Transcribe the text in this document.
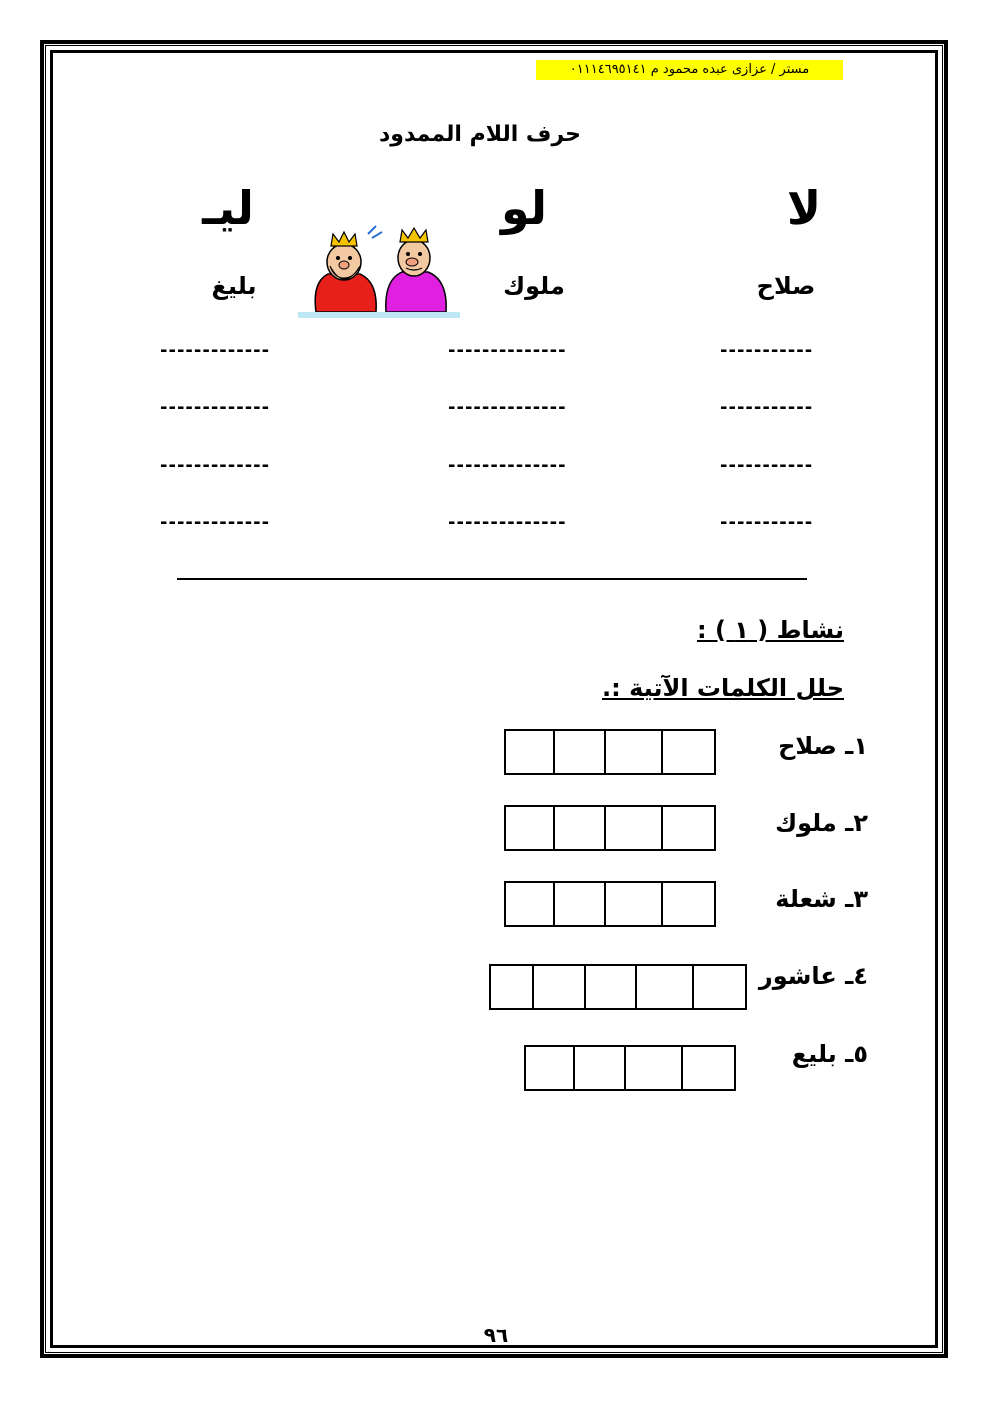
مستر / عزازى عبده محمود م ٠١١١٤٦٩٥١٤١
حرف اللام الممدود
لا
لو
ليـ
صلاح
ملوك
بليغ
-----------
--------------
-------------
-----------
--------------
-------------
-----------
--------------
-------------
-----------
--------------
-------------
نشاط ( ١ ) :
حلل الكلمات الآتية :.
١ـ صلاح
٢ـ ملوك
٣ـ شعلة
٤ـ عاشور
٥ـ بليع
٩٦
